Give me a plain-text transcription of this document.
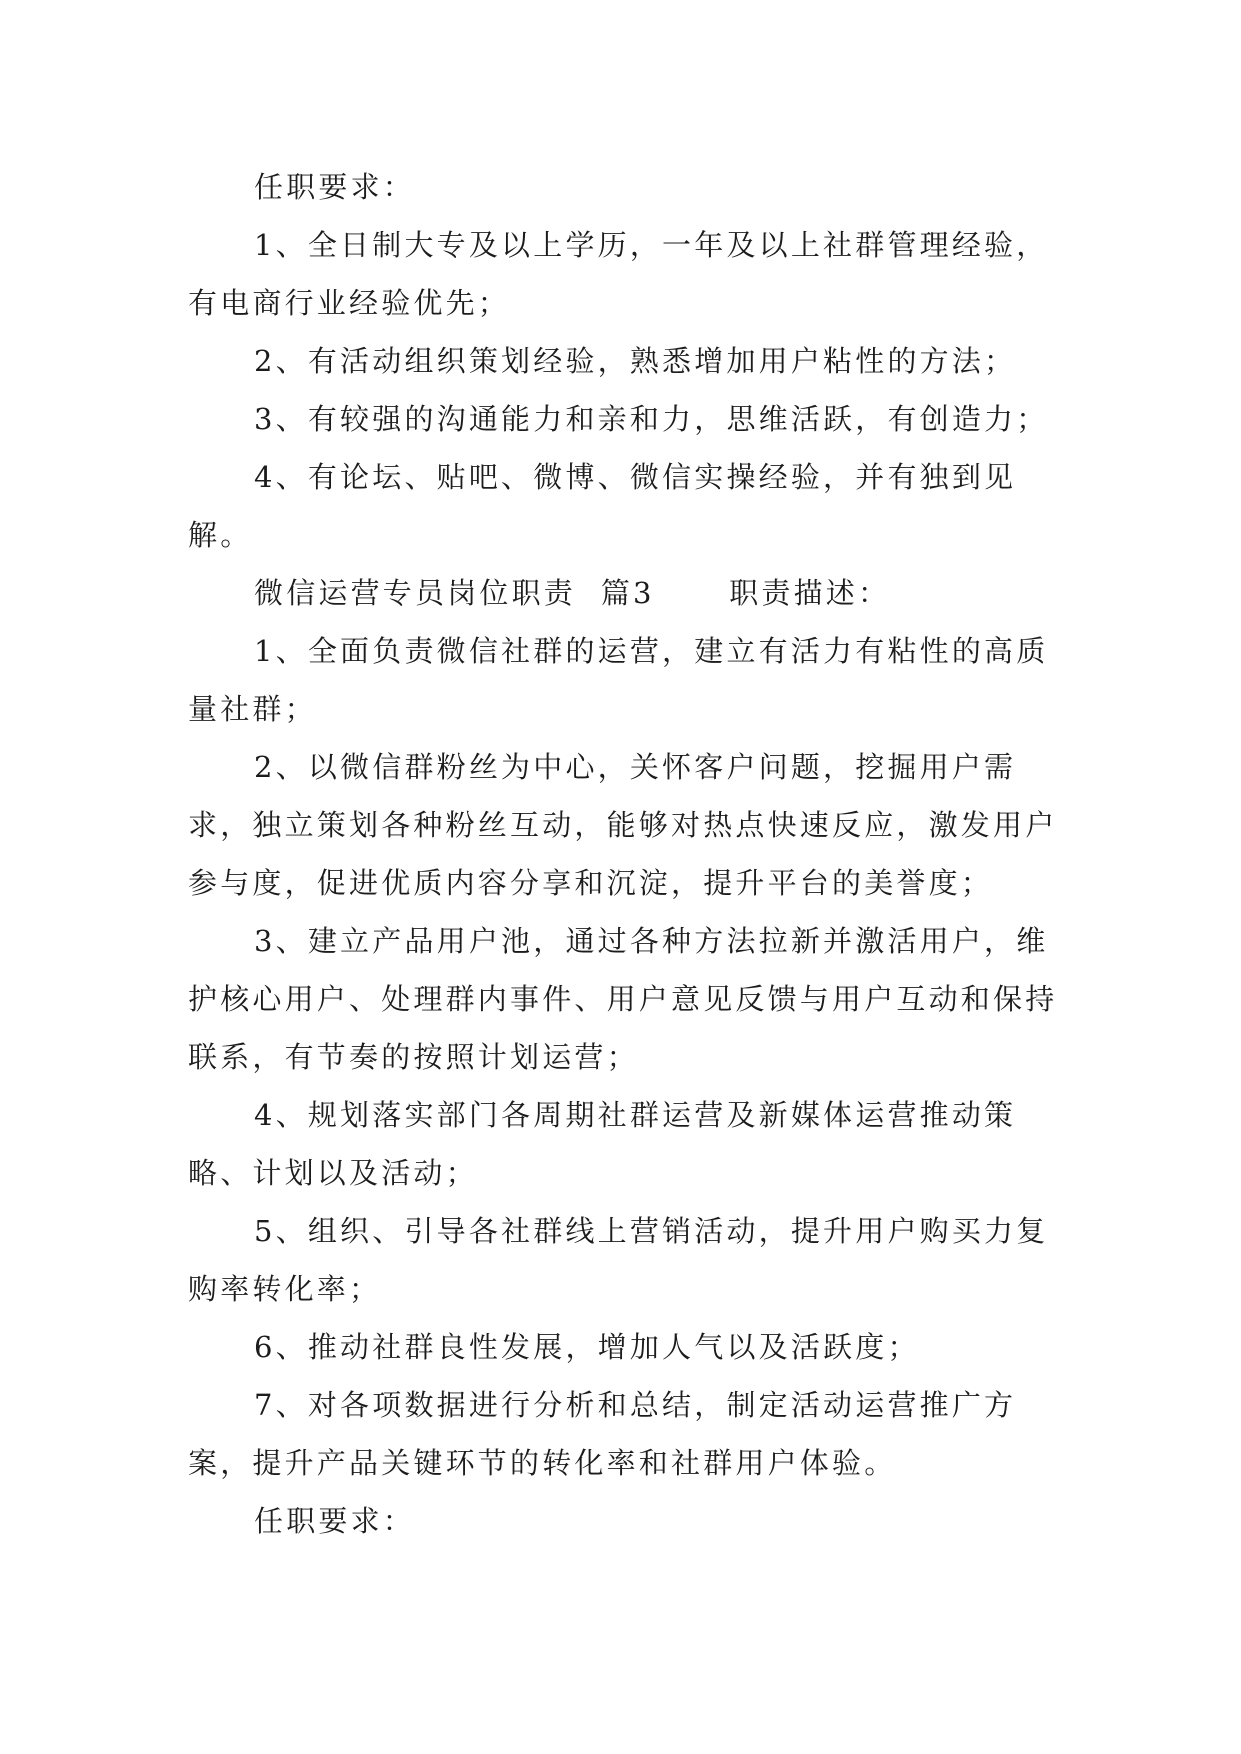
任职要求：

1、全日制大专及以上学历，一年及以上社群管理经验，有电商行业经验优先；

2、有活动组织策划经验，熟悉增加用户粘性的方法；

3、有较强的沟通能力和亲和力，思维活跃，有创造力；

4、有论坛、贴吧、微博、微信实操经验，并有独到见解。

微信运营专员岗位职责  篇3      职责描述：

1、全面负责微信社群的运营，建立有活力有粘性的高质量社群；

2、以微信群粉丝为中心，关怀客户问题，挖掘用户需求，独立策划各种粉丝互动，能够对热点快速反应，激发用户参与度，促进优质内容分享和沉淀，提升平台的美誉度；

3、建立产品用户池，通过各种方法拉新并激活用户，维护核心用户、处理群内事件、用户意见反馈与用户互动和保持联系，有节奏的按照计划运营；

4、规划落实部门各周期社群运营及新媒体运营推动策略、计划以及活动；

5、组织、引导各社群线上营销活动，提升用户购买力复购率转化率；

6、推动社群良性发展，增加人气以及活跃度；

7、对各项数据进行分析和总结，制定活动运营推广方案，提升产品关键环节的转化率和社群用户体验。

任职要求：
